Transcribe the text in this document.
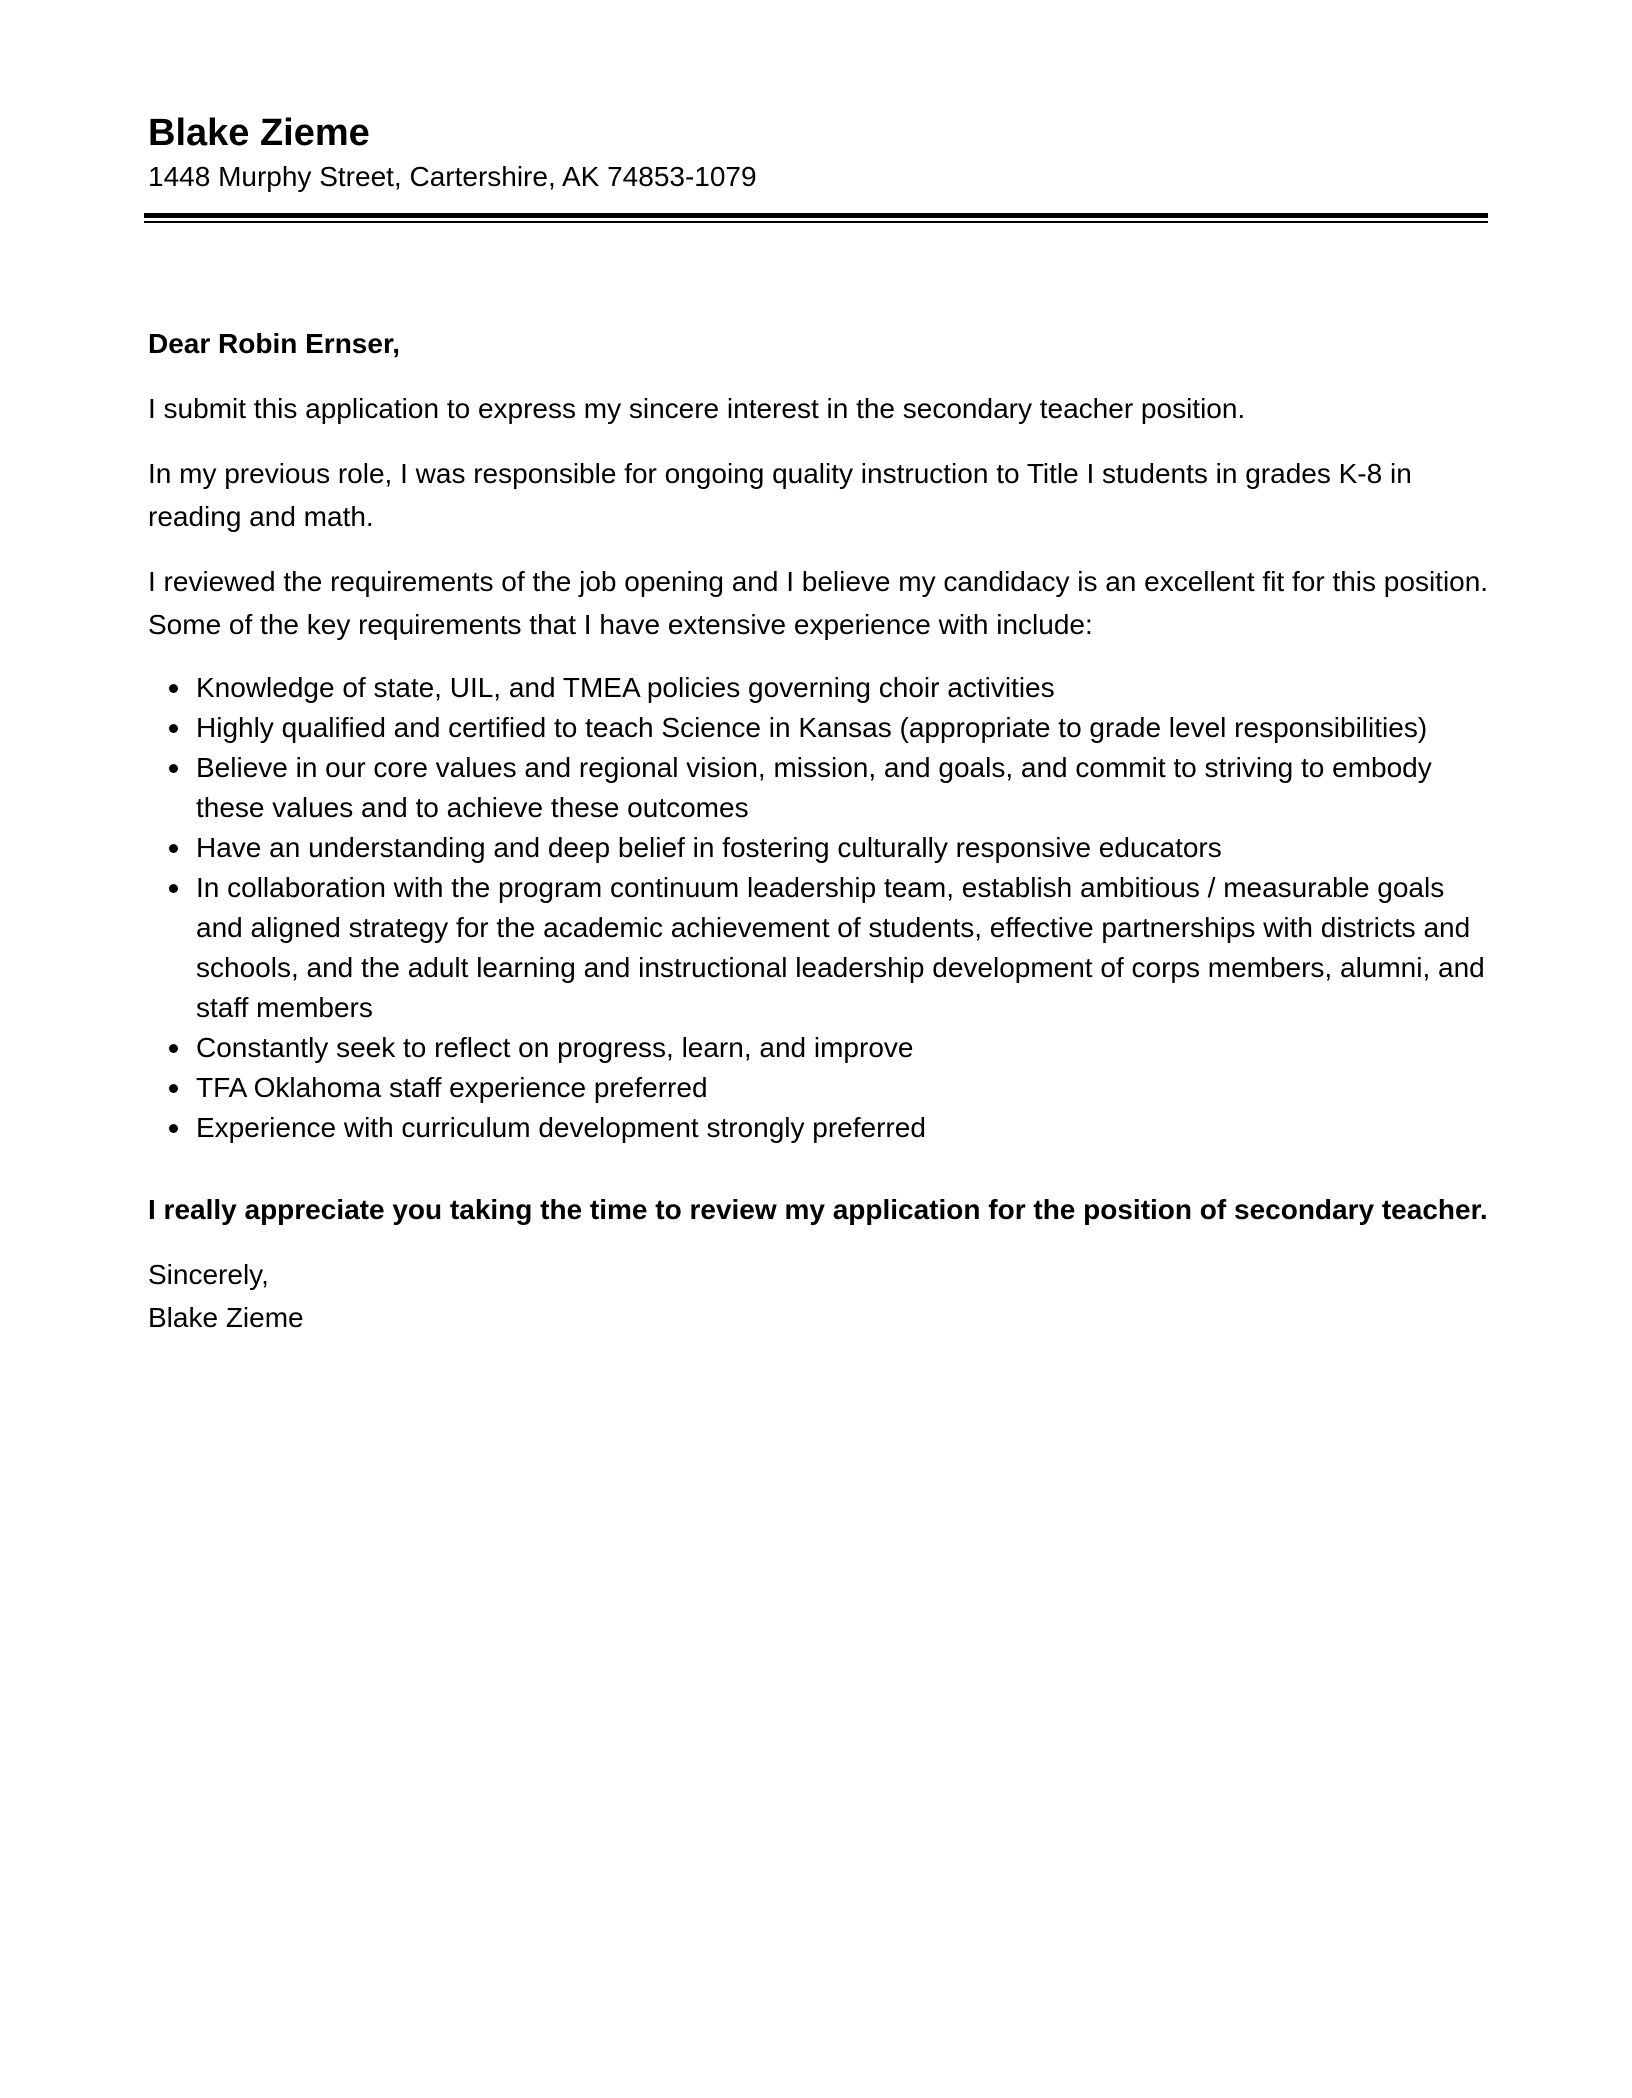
Blake Zieme

1448 Murphy Street, Cartershire, AK 74853-1079

Dear Robin Ernser,

I submit this application to express my sincere interest in the secondary teacher position.

In my previous role, I was responsible for ongoing quality instruction to Title I students in grades K-8 in reading and math.

I reviewed the requirements of the job opening and I believe my candidacy is an excellent fit for this position. Some of the key requirements that I have extensive experience with include:

Knowledge of state, UIL, and TMEA policies governing choir activities
Highly qualified and certified to teach Science in Kansas (appropriate to grade level responsibilities)
Believe in our core values and regional vision, mission, and goals, and commit to striving to embody these values and to achieve these outcomes
Have an understanding and deep belief in fostering culturally responsive educators
In collaboration with the program continuum leadership team, establish ambitious / measurable goals and aligned strategy for the academic achievement of students, effective partnerships with districts and schools, and the adult learning and instructional leadership development of corps members, alumni, and staff members
Constantly seek to reflect on progress, learn, and improve
TFA Oklahoma staff experience preferred
Experience with curriculum development strongly preferred

I really appreciate you taking the time to review my application for the position of secondary teacher.

Sincerely,

Blake Zieme
